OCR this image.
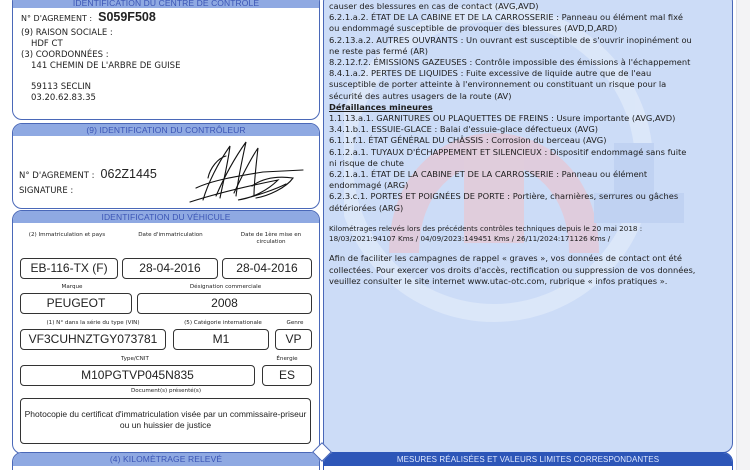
IDENTIFICATION DU CENTRE DE CONTROLE
N° D'AGREMENT : S059F508
(9) RAISON SOCIALE :
HDF CT
(3) COORDONNÉES :
141 CHEMIN DE L'ARBRE DE GUISE
59113 SECLIN
03.20.62.83.35
(9) IDENTIFICATION DU CONTRÔLEUR
N° D'AGREMENT : 062Z1445
SIGNATURE :
IDENTIFICATION DU VÉHICULE
(2) Immatriculation et pays	Date d'immatriculation	Date de 1ère mise en
circulation
EB-116-TX (F)	28-04-2016	28-04-2016
Marque	Désignation commerciale
PEUGEOT	2008
(1) N° dans la série du type (VIN)	(5) Catégorie internationale	Genre
VF3CUHNZTGY073781	M1	VP
Type/CNIT	Énergie
M10PGTVP045N835	ES
Document(s) présenté(s)
Photocopie du certificat d'immatriculation visée par un commissaire-priseur
ou un huissier de justice
(4) KILOMÈTRAGE RELEVÉ
causer des blessures en cas de contact (AVG,AVD)
6.2.1.a.2. ÉTAT DE LA CABINE ET DE LA CARROSSERIE : Panneau ou élément mal fixé
ou endommagé susceptible de provoquer des blessures (AVD,D,ARD)
6.2.13.a.2. AUTRES OUVRANTS : Un ouvrant est susceptible de s'ouvrir inopinément ou
ne reste pas fermé (AR)
8.2.12.f.2. ÉMISSIONS GAZEUSES : Contrôle impossible des émissions à l'échappement
8.4.1.a.2. PERTES DE LIQUIDES : Fuite excessive de liquide autre que de l'eau
susceptible de porter atteinte à l'environnement ou constituant un risque pour la
sécurité des autres usagers de la route (AV)
Défaillances mineures
1.1.13.a.1. GARNITURES OU PLAQUETTES DE FREINS : Usure importante (AVG,AVD)
3.4.1.b.1. ESSUIE-GLACE : Balai d'essuie-glace défectueux (AVG)
6.1.1.f.1. ÉTAT GÉNÉRAL DU CHÂSSIS : Corrosion du berceau (AVG)
6.1.2.a.1. TUYAUX D'ÉCHAPPEMENT ET SILENCIEUX : Dispositif endommagé sans fuite
ni risque de chute
6.2.1.a.1. ÉTAT DE LA CABINE ET DE LA CARROSSERIE : Panneau ou élément
endommagé (ARG)
6.2.3.c.1. PORTES ET POIGNÉES DE PORTE : Portière, charnières, serrures ou gâches
détériorées (ARG)
Kilométrages relevés lors des précédents contrôles techniques depuis le 20 mai 2018 :
18/03/2021:94107 Kms / 04/09/2023:149451 Kms / 26/11/2024:171126 Kms /
Afin de faciliter les campagnes de rappel « graves », vos données de contact ont été
collectées. Pour exercer vos droits d'accès, rectification ou suppression de vos données,
veuillez consulter le site internet www.utac-otc.com, rubrique « infos pratiques ».
MESURES RÉALISÉES ET VALEURS LIMITES CORRESPONDANTES
